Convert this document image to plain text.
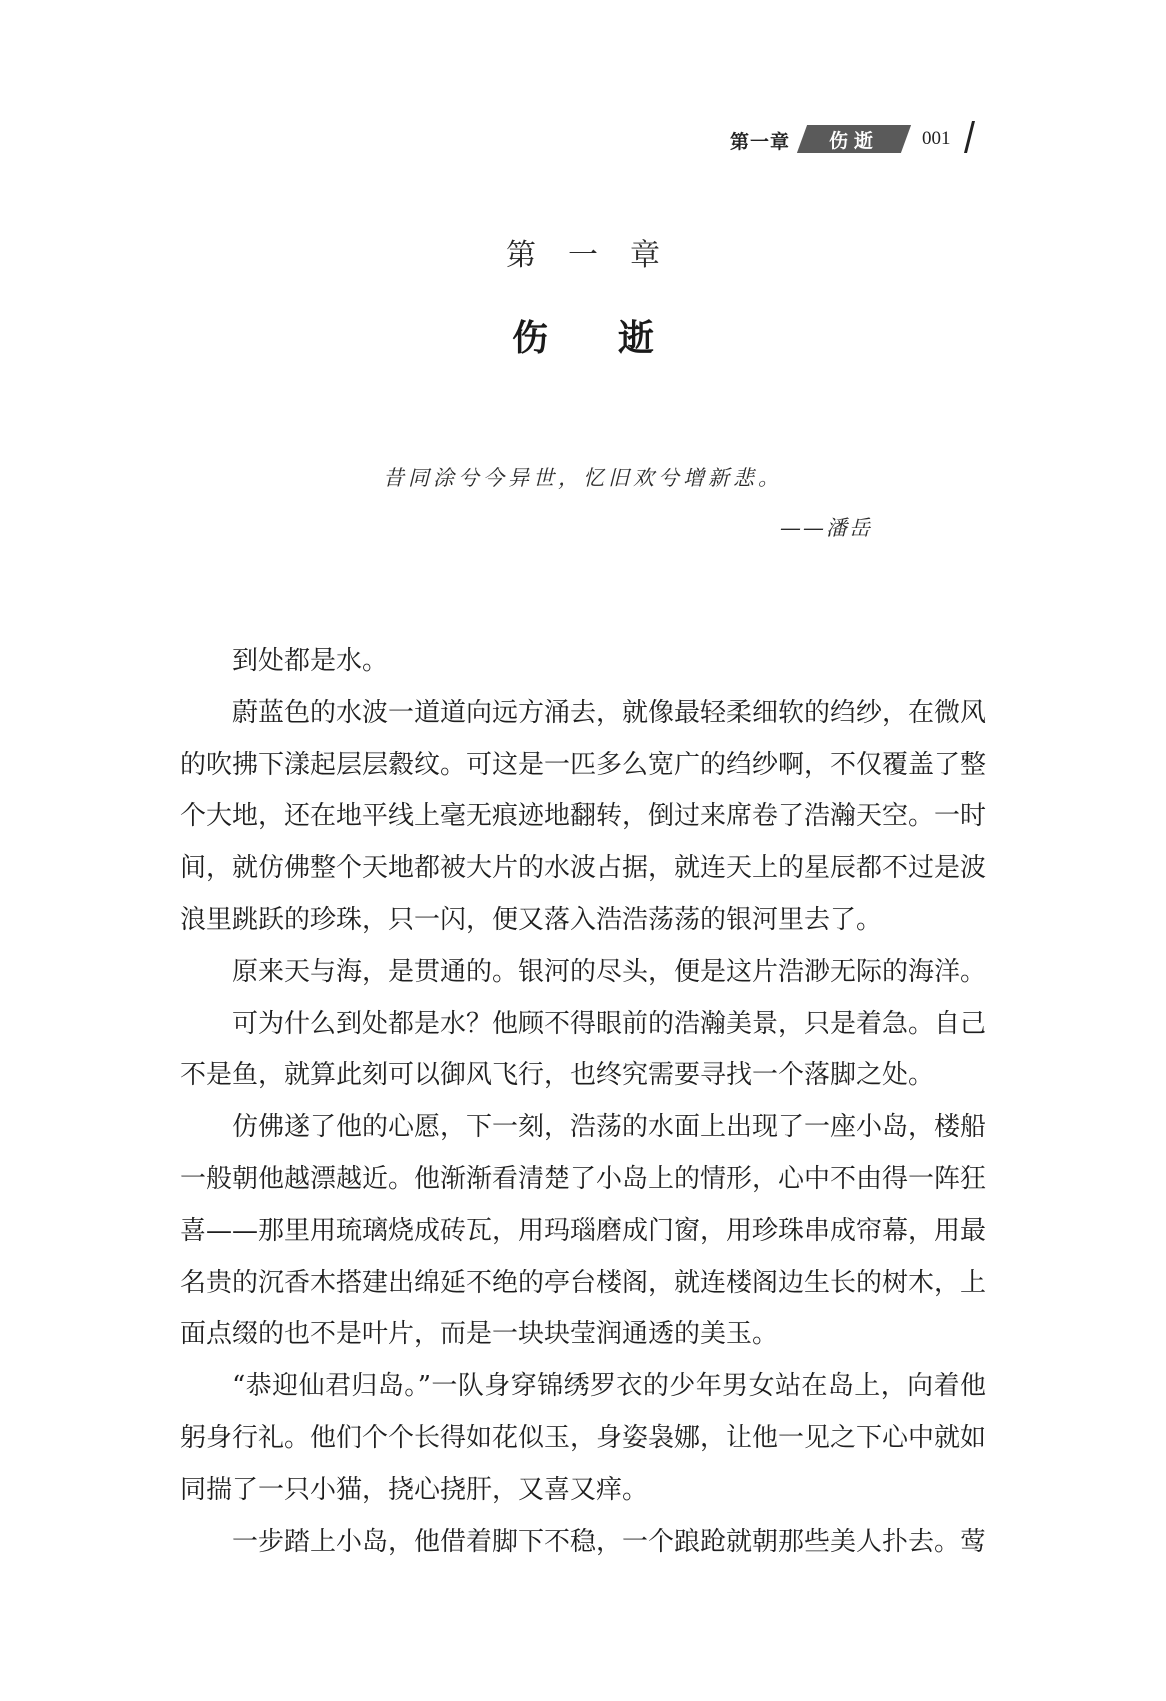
第一章	伤逝	001
第一章
伤逝
昔同涂兮今异世，忆旧欢兮增新悲。
——潘岳

到处都是水。

蔚蓝色的水波一道道向远方涌去，就像最轻柔细软的绉纱，在微风的吹拂下漾起层层縠纹。可这是一匹多么宽广的绉纱啊，不仅覆盖了整个大地，还在地平线上毫无痕迹地翻转，倒过来席卷了浩瀚天空。一时间，就仿佛整个天地都被大片的水波占据，就连天上的星辰都不过是波浪里跳跃的珍珠，只一闪，便又落入浩浩荡荡的银河里去了。

原来天与海，是贯通的。银河的尽头，便是这片浩渺无际的海洋。

可为什么到处都是水？他顾不得眼前的浩瀚美景，只是着急。自己不是鱼，就算此刻可以御风飞行，也终究需要寻找一个落脚之处。

仿佛遂了他的心愿，下一刻，浩荡的水面上出现了一座小岛，楼船一般朝他越漂越近。他渐渐看清楚了小岛上的情形，心中不由得一阵狂喜——那里用琉璃烧成砖瓦，用玛瑙磨成门窗，用珍珠串成帘幕，用最名贵的沉香木搭建出绵延不绝的亭台楼阁，就连楼阁边生长的树木，上面点缀的也不是叶片，而是一块块莹润通透的美玉。

“恭迎仙君归岛。”一队身穿锦绣罗衣的少年男女站在岛上，向着他躬身行礼。他们个个长得如花似玉，身姿袅娜，让他一见之下心中就如同揣了一只小猫，挠心挠肝，又喜又痒。

一步踏上小岛，他借着脚下不稳，一个踉跄就朝那些美人扑去。莺
